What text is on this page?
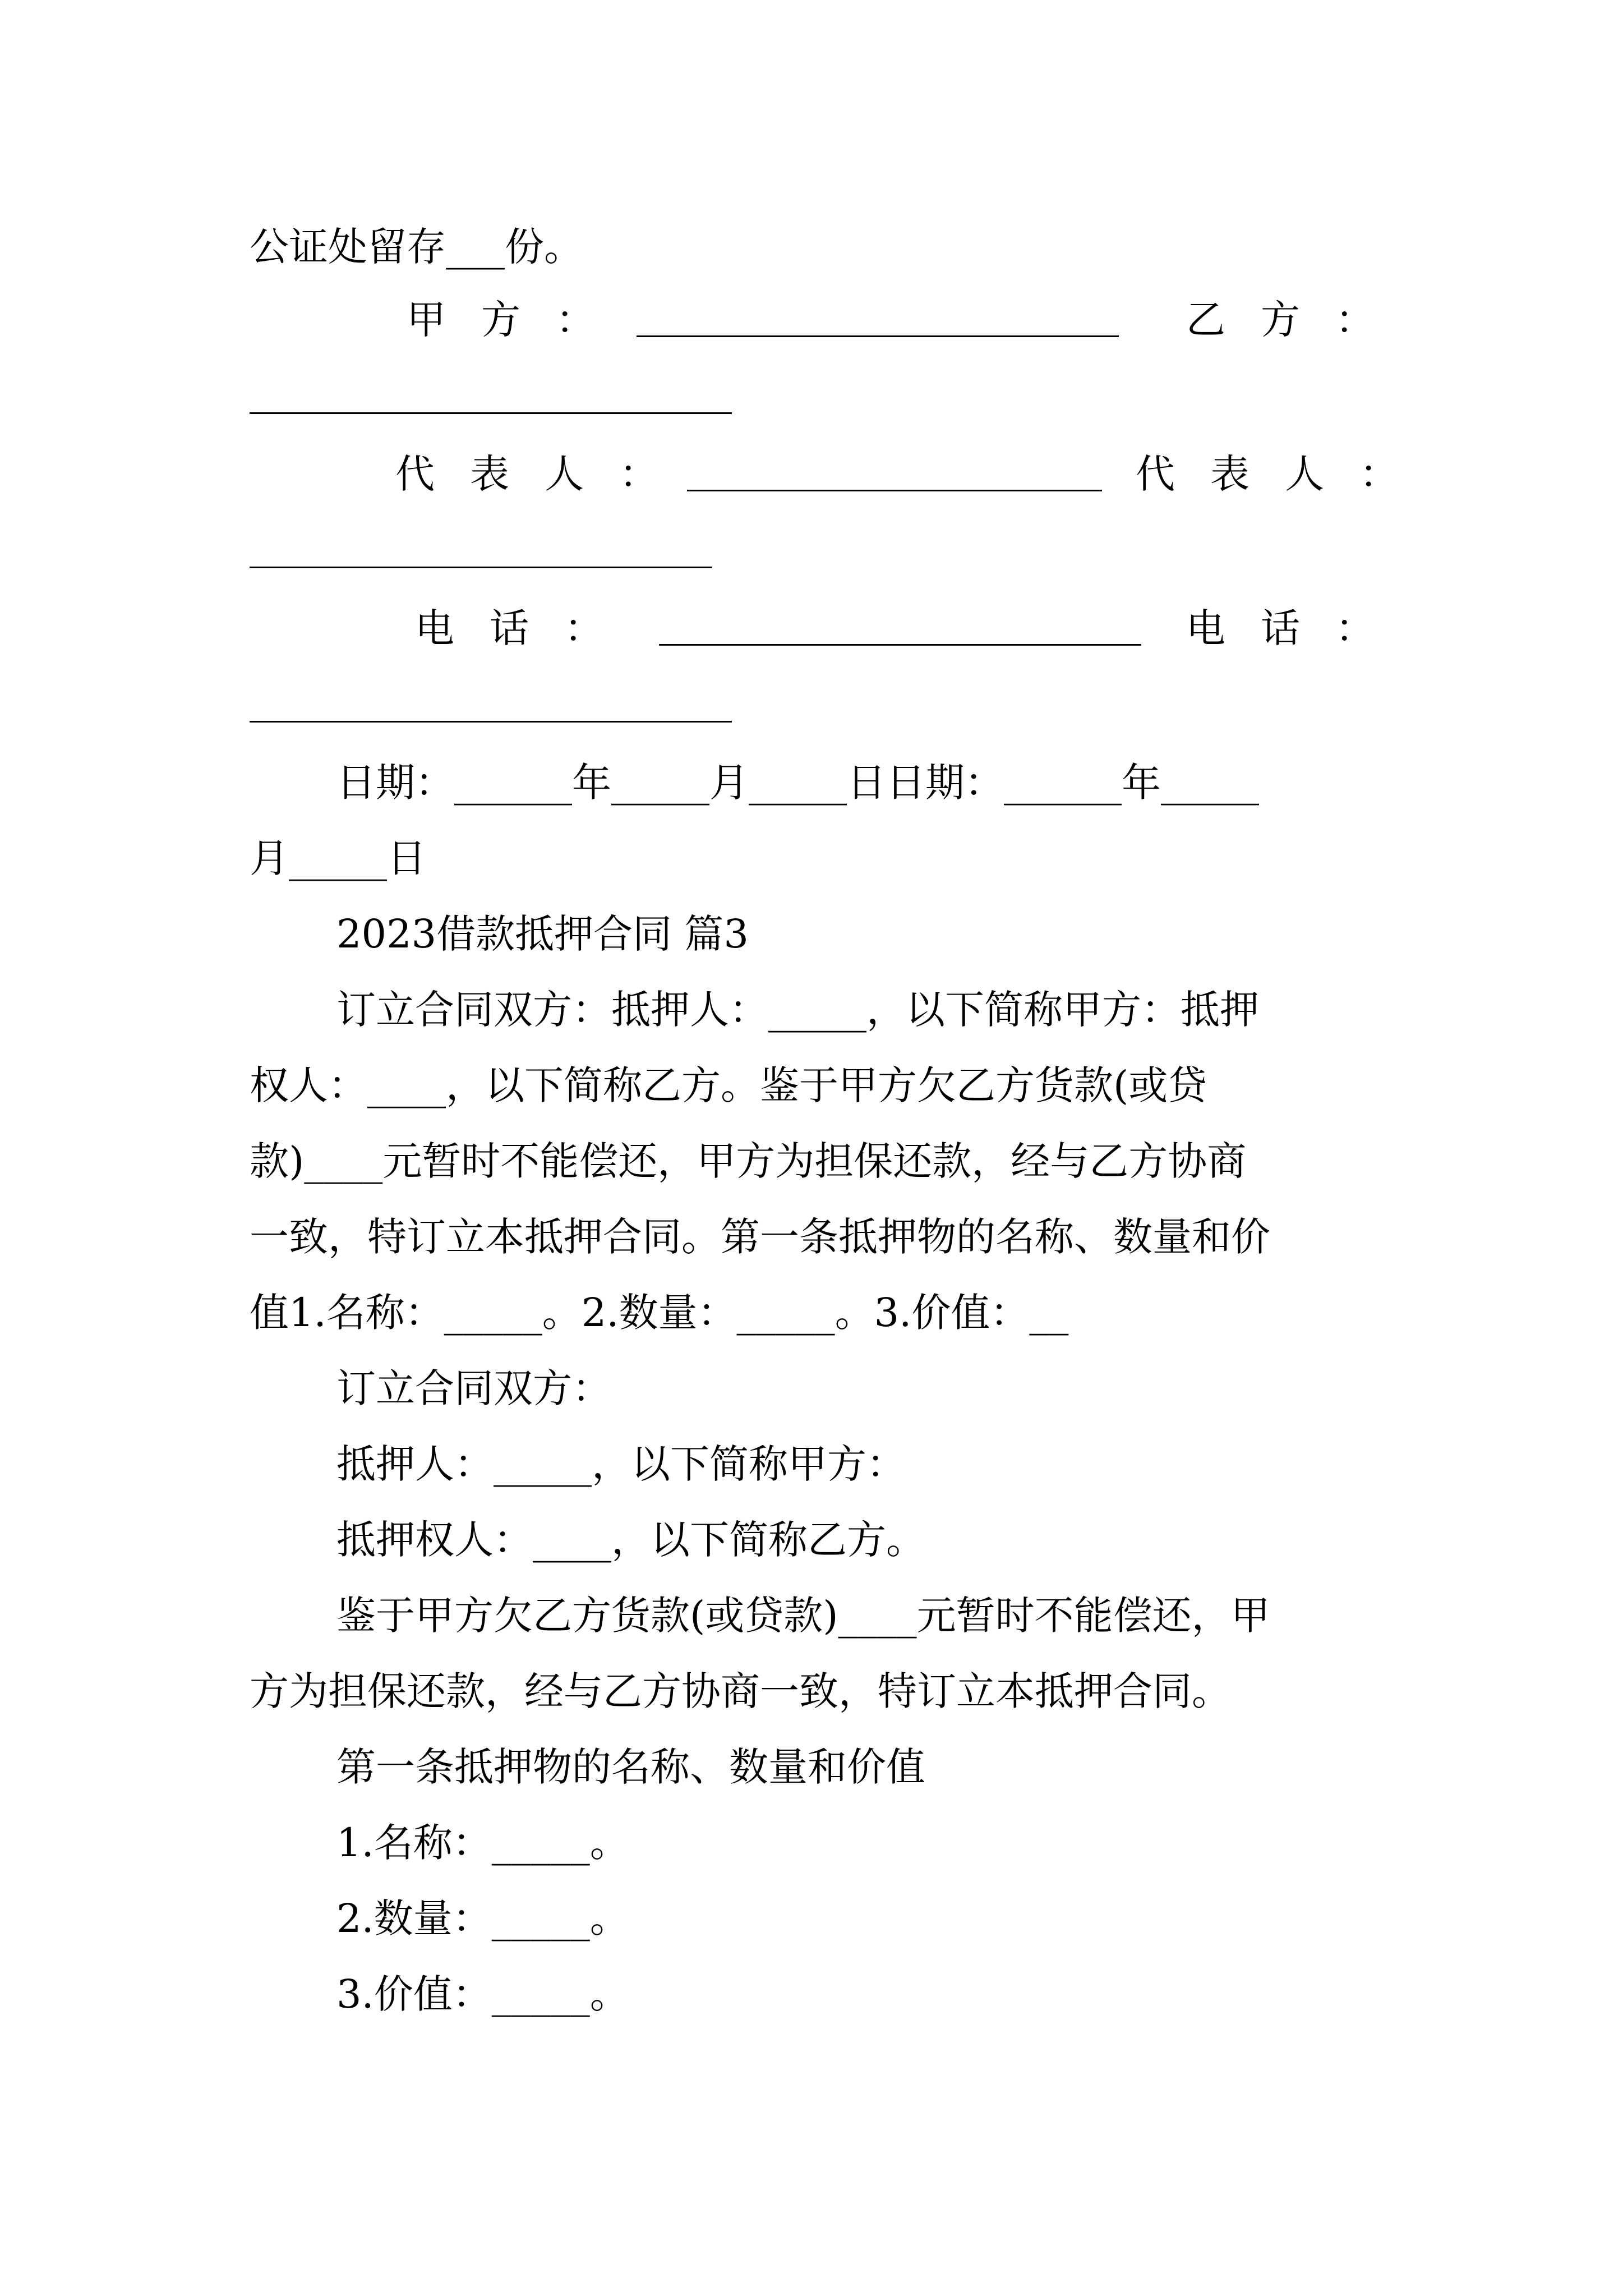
公证处留存___份。
甲方：	乙方：
代表人：	代表人：
电话：	电话：
日期：______年_____月_____日日期：______年_____
月_____日
2023借款抵押合同 篇3
订立合同双方：抵押人：_____，以下简称甲方：抵押
权人：____，以下简称乙方。鉴于甲方欠乙方货款(或贷
款)____元暂时不能偿还，甲方为担保还款，经与乙方协商
一致，特订立本抵押合同。第一条抵押物的名称、数量和价
值1.名称：_____。2.数量：_____。3.价值：__
订立合同双方：
抵押人：_____，以下简称甲方：
抵押权人：____，以下简称乙方。
鉴于甲方欠乙方货款(或贷款)____元暂时不能偿还，甲
方为担保还款，经与乙方协商一致，特订立本抵押合同。
第一条抵押物的名称、数量和价值
1.名称：_____。
2.数量：_____。
3.价值：_____。
